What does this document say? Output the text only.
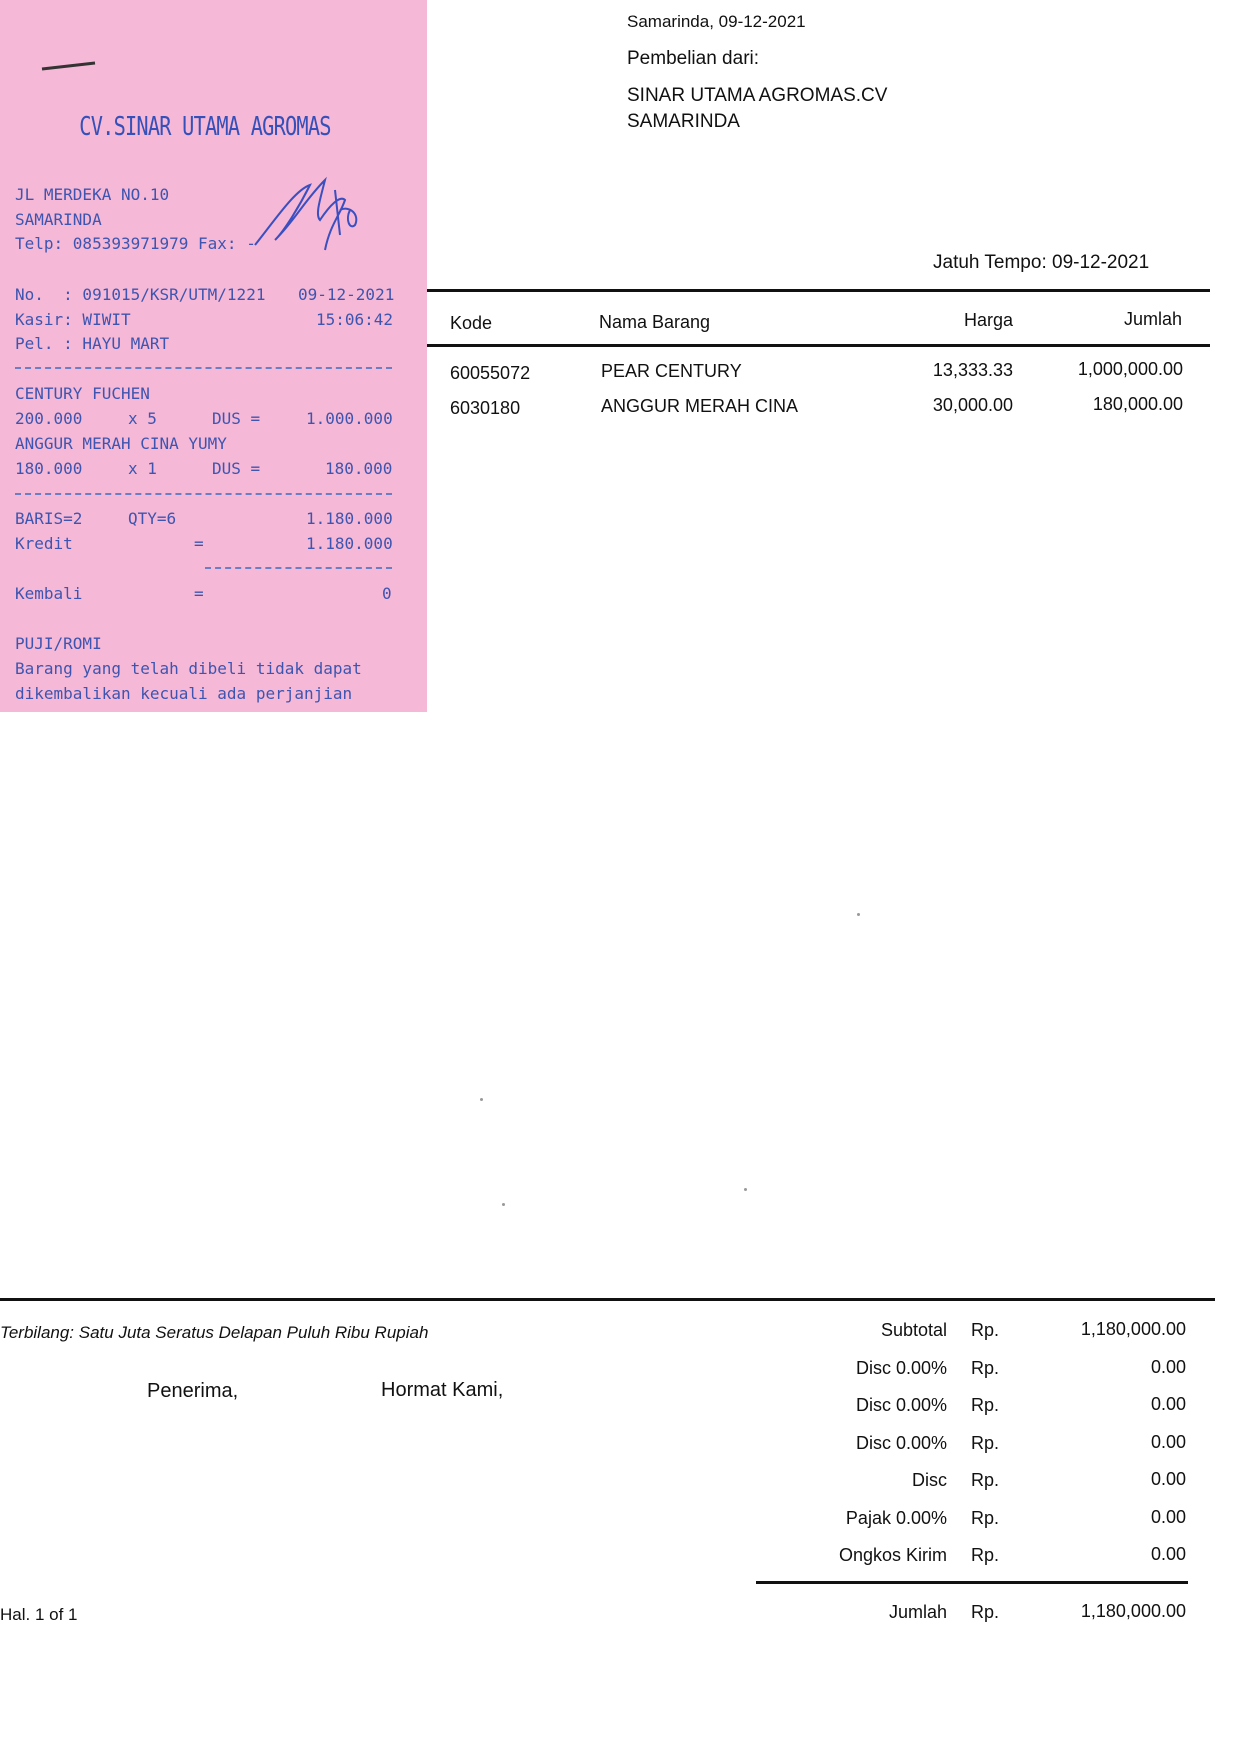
CV.SINAR UTAMA AGROMAS
JL MERDEKA NO.10
SAMARINDA
Telp: 085393971979 Fax: -
No.  : 091015/KSR/UTM/1221	09-12-2021
Kasir: WIWIT	15:06:42
Pel. : HAYU MART
CENTURY FUCHEN
200.000	x 5	DUS =	1.000.000
ANGGUR MERAH CINA YUMY
180.000	x 1	DUS =	180.000
BARIS=2	QTY=6	1.180.000
Kredit	=	1.180.000
Kembali	=	0
PUJI/ROMI
Barang yang telah dibeli tidak dapat
dikembalikan kecuali ada perjanjian
Samarinda, 09-12-2021
Pembelian dari:
SINAR UTAMA AGROMAS.CV
SAMARINDA
Jatuh Tempo: 09-12-2021
Kode	Nama Barang	Harga	Jumlah
60055072	PEAR CENTURY	13,333.33	1,000,000.00
6030180	ANGGUR MERAH CINA	30,000.00	180,000.00
Terbilang: Satu Juta Seratus Delapan Puluh Ribu Rupiah
Penerima,	Hormat Kami,
Hal. 1 of 1
Subtotal Rp.	1,180,000.00
Disc 0.00% Rp.	0.00
Disc 0.00% Rp.	0.00
Disc 0.00% Rp.	0.00
Disc Rp.	0.00
Pajak 0.00% Rp.	0.00
Ongkos Kirim Rp.	0.00
Jumlah Rp.	1,180,000.00
